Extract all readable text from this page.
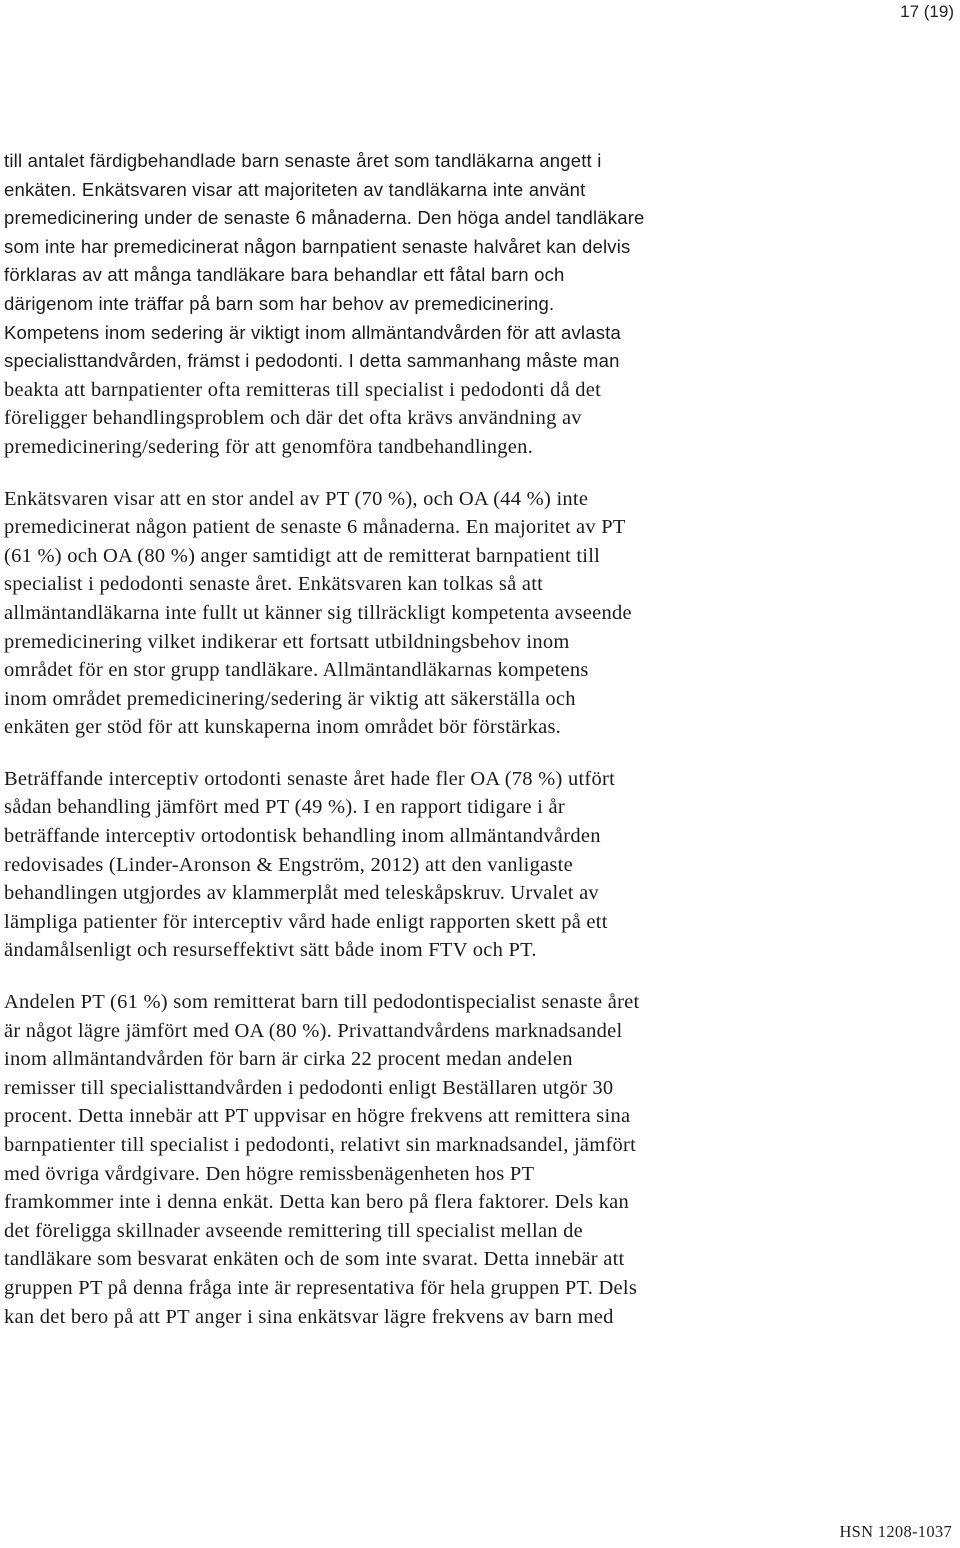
17 (19)
till antalet färdigbehandlade barn senaste året som tandläkarna angett i
enkäten. Enkätsvaren visar att majoriteten av tandläkarna inte använt
premedicinering under de senaste 6 månaderna. Den höga andel tandläkare
som inte har premedicinerat någon barnpatient senaste halvåret kan delvis
förklaras av att många tandläkare bara behandlar ett fåtal barn och
därigenom inte träffar på barn som har behov av premedicinering.
Kompetens inom sedering är viktigt inom allmäntandvården för att avlasta
specialisttandvården, främst i pedodonti. I detta sammanhang måste man
beakta att barnpatienter ofta remitteras till specialist i pedodonti då det
föreligger behandlingsproblem och där det ofta krävs användning av
premedicinering/sedering för att genomföra tandbehandlingen.
Enkätsvaren visar att en stor andel av PT (70 %), och OA (44 %) inte
premedicinerat någon patient de senaste 6 månaderna. En majoritet av PT
(61 %) och OA (80 %) anger samtidigt att de remitterat barnpatient till
specialist i pedodonti senaste året. Enkätsvaren kan tolkas så att
allmäntandläkarna inte fullt ut känner sig tillräckligt kompetenta avseende
premedicinering vilket indikerar ett fortsatt utbildningsbehov inom
området för en stor grupp tandläkare. Allmäntandläkarnas kompetens
inom området premedicinering/sedering är viktig att säkerställa och
enkäten ger stöd för att kunskaperna inom området bör förstärkas.
Beträffande interceptiv ortodonti senaste året hade fler OA (78 %) utfört
sådan behandling jämfört med PT (49 %). I en rapport tidigare i år
beträffande interceptiv ortodontisk behandling inom allmäntandvården
redovisades (Linder-Aronson & Engström, 2012) att den vanligaste
behandlingen utgjordes av klammerplåt med teleskåpskruv. Urvalet av
lämpliga patienter för interceptiv vård hade enligt rapporten skett på ett
ändamålsenligt och resurseffektivt sätt både inom FTV och PT.
Andelen PT (61 %) som remitterat barn till pedodontispecialist senaste året
är något lägre jämfört med OA (80 %). Privattandvårdens marknadsandel
inom allmäntandvården för barn är cirka 22 procent medan andelen
remisser till specialisttandvården i pedodonti enligt Beställaren utgör 30
procent. Detta innebär att PT uppvisar en högre frekvens att remittera sina
barnpatienter till specialist i pedodonti, relativt sin marknadsandel, jämfört
med övriga vårdgivare. Den högre remissbenägenheten hos PT
framkommer inte i denna enkät. Detta kan bero på flera faktorer. Dels kan
det föreligga skillnader avseende remittering till specialist mellan de
tandläkare som besvarat enkäten och de som inte svarat. Detta innebär att
gruppen PT på denna fråga inte är representativa för hela gruppen PT. Dels
kan det bero på att PT anger i sina enkätsvar lägre frekvens av barn med
HSN 1208-1037
